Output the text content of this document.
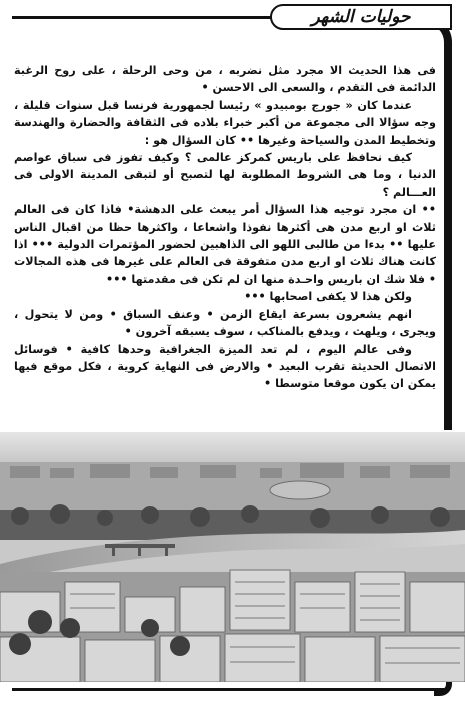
حوليات الشهر

فى هذا الحديث الا مجرد مثل نضربه ، من وحى الرحلة ، على روح الرغبة الدائمة فى التقدم ، والسعى الى الاحسن •

عندما كان « جورج بومبيدو » رئيسا لجمهورية فرنسا قبل سنوات قليلة ، وجه سؤالا الى مجموعة من أكبر خبراء بلاده فى الثقافة والحضارة والهندسة وتخطيط المدن والسياحة وغيرها •• كان السؤال هو :

كيف نحافظ على باريس كمركز عالمى ؟ وكيف تفوز فى سباق عواصم الدنيا ، وما هى الشروط المطلوبة لها لتصبح أو لتبقى المدينة الاولى فى العـــالم ؟

•• ان مجرد توجيه هذا السؤال أمر يبعث على الدهشة• فاذا كان فى العالم ثلاث او اربع مدن هى أكثرها نفوذا واشعاعا ، واكثرها حظا من اقبال الناس عليها •• بدءا من طالبى اللهو الى الذاهبين لحضور المؤتمرات الدولية ••• اذا كانت هناك ثلاث او اربع مدن متفوقة فى العالم على غيرها فى هذه المجالات • فلا شك ان باريس واحـدة منها ان لم تكن فى مقدمتها •••

ولكن هذا لا يكفى اصحابها •••

انهم يشعرون بسرعة ايقاع الزمن • وعنف السباق • ومن لا يتحول ، ويجرى ، ويلهث ، ويدفع بالمناكب ، سوف يسبقه آخرون •

وفى عالم اليوم ، لم تعد الميزة الجغرافية وحدها كافية • فوسائل الاتصال الحديثة تقرب البعيد • والارض فى النهاية كروية ، فكل موقع فيها يمكن ان يكون موقعا متوسطا •
